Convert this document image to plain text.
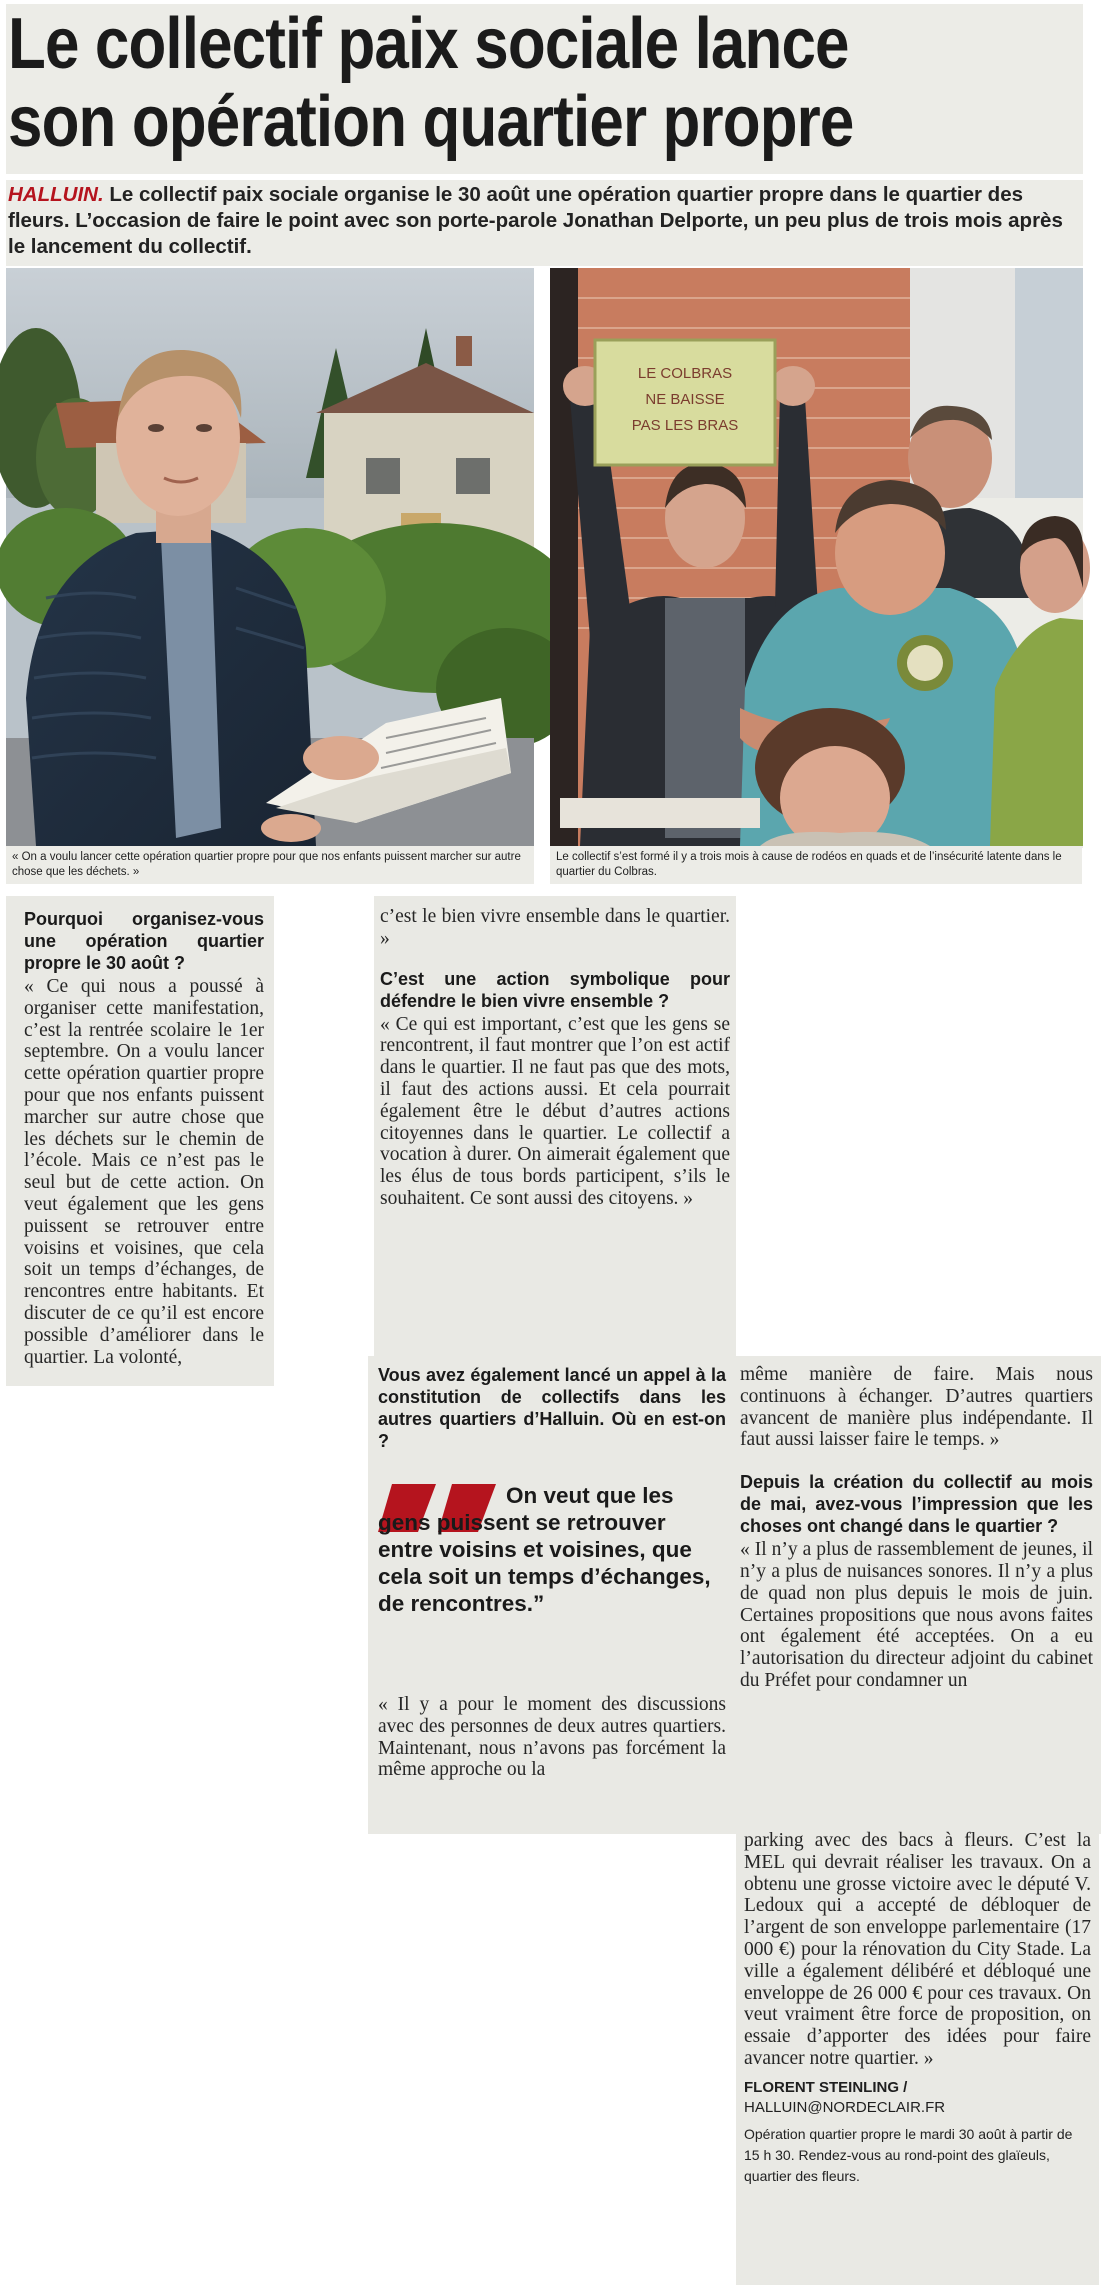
Le collectif paix sociale lance
son opération quartier propre

HALLUIN. Le collectif paix sociale organise le 30 août une opération quartier propre dans le quartier des fleurs. L’occasion de faire le point avec son porte-parole Jonathan Delporte, un peu plus de trois mois après le lancement du collectif.

« On a voulu lancer cette opération quartier propre pour que nos enfants puissent marcher sur autre chose que les déchets. »
LE COLBRAS
NE BAISSE
PAS LES BRAS
Le collectif s’est formé il y a trois mois à cause de rodéos en quads et de l’insécurité latente dans le quartier du Colbras.

Pourquoi organisez-vous une opération quartier propre le 30 août ?

« Ce qui nous a poussé à organiser cette manifestation, c’est la rentrée scolaire le 1er septembre. On a voulu lancer cette opération quartier propre pour que nos enfants puissent marcher sur autre chose que les déchets sur le chemin de l’école. Mais ce n’est pas le seul but de cette action. On veut également que les gens puissent se retrouver entre voisins et voisines, que cela soit un temps d’échanges, de rencontres entre habitants. Et discuter de ce qu’il est encore possible d’améliorer dans le quartier. La volonté,

c’est le bien vivre ensemble dans le quartier. »

C’est une action symbolique pour défendre le bien vivre ensemble ?

« Ce qui est important, c’est que les gens se rencontrent, il faut montrer que l’on est actif dans le quartier. Il ne faut pas que des mots, il faut des actions aussi. Et cela pourrait également être le début d’autres actions citoyennes dans le quartier. Le collectif a vocation à durer. On aimerait également que les élus de tous bords participent, s’ils le souhaitent. Ce sont aussi des citoyens. »

Vous avez également lancé un appel à la constitution de collectifs dans les autres quartiers d’Halluin. Où en est-on ?

On veut que les gens puissent se retrouver entre voisins et voisines, que cela soit un temps d’échanges, de rencontres.”

« Il y a pour le moment des discussions avec des personnes de deux autres quartiers. Maintenant, nous n’avons pas forcément la même approche ou la

même manière de faire. Mais nous continuons à échanger. D’autres quartiers avancent de manière plus indépendante. Il faut aussi laisser faire le temps. »

Depuis la création du collectif au mois de mai, avez-vous l’impression que les choses ont changé dans le quartier ?

« Il n’y a plus de rassemblement de jeunes, il n’y a plus de nuisances sonores. Il n’y a plus de quad non plus depuis le mois de juin. Certaines propositions que nous avons faites ont également été acceptées. On a eu l’autorisation du directeur adjoint du cabinet du Préfet pour condamner un

parking avec des bacs à fleurs. C’est la MEL qui devrait réaliser les travaux. On a obtenu une grosse victoire avec le député V. Ledoux qui a accepté de débloquer de l’argent de son enveloppe parlementaire (17 000 €) pour la rénovation du City Stade. La ville a également délibéré et débloqué une enveloppe de 26 000 € pour ces travaux. On veut vraiment être force de proposition, on essaie d’apporter des idées pour faire avancer notre quartier. »

FLORENT STEINLING /

HALLUIN@NORDECLAIR.FR

Opération quartier propre le mardi 30 août à partir de 15 h 30. Rendez-vous au rond-point des glaïeuls, quartier des fleurs.
